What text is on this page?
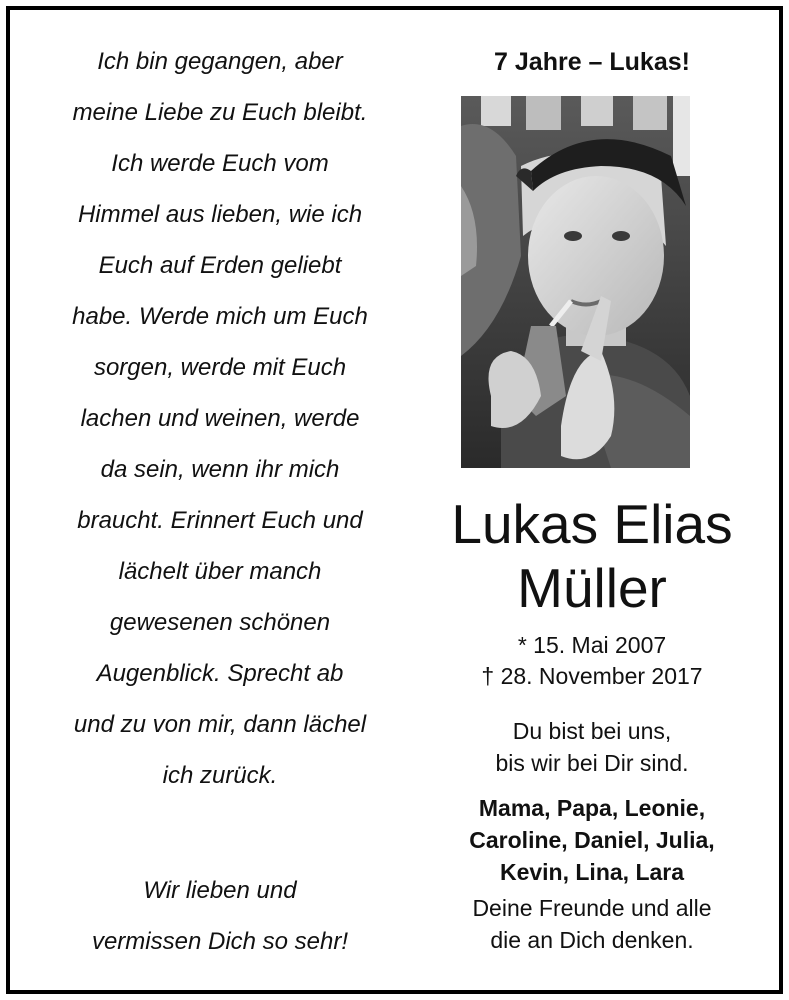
Ich bin gegangen, aber
meine Liebe zu Euch bleibt.
Ich werde Euch vom
Himmel aus lieben, wie ich
Euch auf Erden geliebt
habe. Werde mich um Euch
sorgen, werde mit Euch
lachen und weinen, werde
da sein, wenn ihr mich
braucht. Erinnert Euch und
lächelt über manch
gewesenen schönen
Augenblick. Sprecht ab
und zu von mir, dann lächel
ich zurück.
Wir lieben und
vermissen Dich so sehr!
7 Jahre – Lukas!
Lukas Elias
Müller
* 15. Mai 2007
† 28. November 2017
Du bist bei uns,
bis wir bei Dir sind.
Mama, Papa, Leonie,
Caroline, Daniel, Julia,
Kevin, Lina, Lara
Deine Freunde und alle
die an Dich denken.
